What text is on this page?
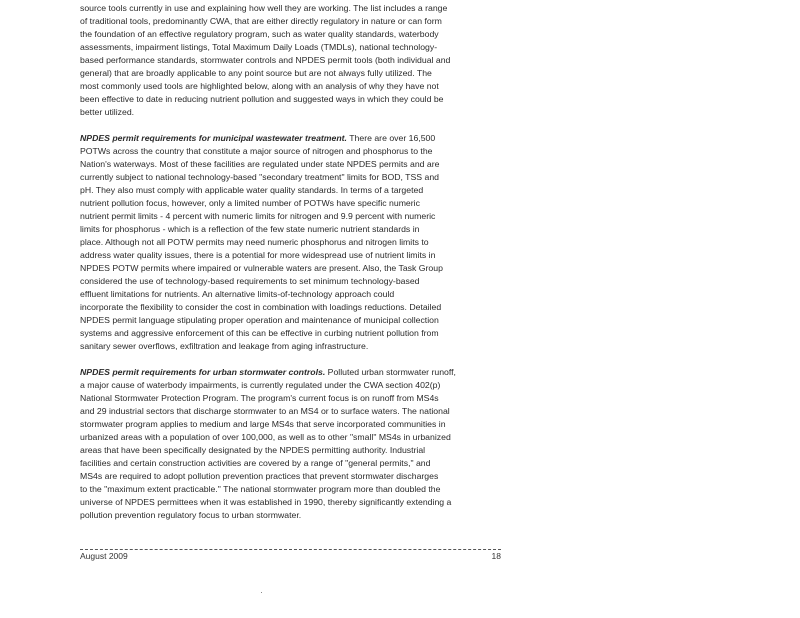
source tools currently in use and explaining how well they are working. The list includes a range
of traditional tools, predominantly CWA, that are either directly regulatory in nature or can form
the foundation of an effective regulatory program, such as water quality standards, waterbody
assessments, impairment listings, Total Maximum Daily Loads (TMDLs), national technology-
based performance standards, stormwater controls and NPDES permit tools (both individual and
general) that are broadly applicable to any point source but are not always fully utilized. The
most commonly used tools are highlighted below, along with an analysis of why they have not
been effective to date in reducing nutrient pollution and suggested ways in which they could be
better utilized.
NPDES permit requirements for municipal wastewater treatment. There are over 16,500
POTWs across the country that constitute a major source of nitrogen and phosphorus to the
Nation's waterways. Most of these facilities are regulated under state NPDES permits and are
currently subject to national technology-based "secondary treatment" limits for BOD, TSS and
pH. They also must comply with applicable water quality standards. In terms of a targeted
nutrient pollution focus, however, only a limited number of POTWs have specific numeric
nutrient permit limits - 4 percent with numeric limits for nitrogen and 9.9 percent with numeric
limits for phosphorus - which is a reflection of the few state numeric nutrient standards in
place. Although not all POTW permits may need numeric phosphorus and nitrogen limits to
address water quality issues, there is a potential for more widespread use of nutrient limits in
NPDES POTW permits where impaired or vulnerable waters are present. Also, the Task Group
considered the use of technology-based requirements to set minimum technology-based
effluent limitations for nutrients. An alternative limits-of-technology approach could
incorporate the flexibility to consider the cost in combination with loadings reductions. Detailed
NPDES permit language stipulating proper operation and maintenance of municipal collection
systems and aggressive enforcement of this can be effective in curbing nutrient pollution from
sanitary sewer overflows, exfiltration and leakage from aging infrastructure.
NPDES permit requirements for urban stormwater controls. Polluted urban stormwater runoff,
a major cause of waterbody impairments, is currently regulated under the CWA section 402(p)
National Stormwater Protection Program. The program's current focus is on runoff from MS4s
and 29 industrial sectors that discharge stormwater to an MS4 or to surface waters. The national
stormwater program applies to medium and large MS4s that serve incorporated communities in
urbanized areas with a population of over 100,000, as well as to other "small" MS4s in urbanized
areas that have been specifically designated by the NPDES permitting authority. Industrial
facilities and certain construction activities are covered by a range of "general permits," and
MS4s are required to adopt pollution prevention practices that prevent stormwater discharges
to the "maximum extent practicable." The national stormwater program more than doubled the
universe of NPDES permittees when it was established in 1990, thereby significantly extending a
pollution prevention regulatory focus to urban stormwater.
August 2009	18
